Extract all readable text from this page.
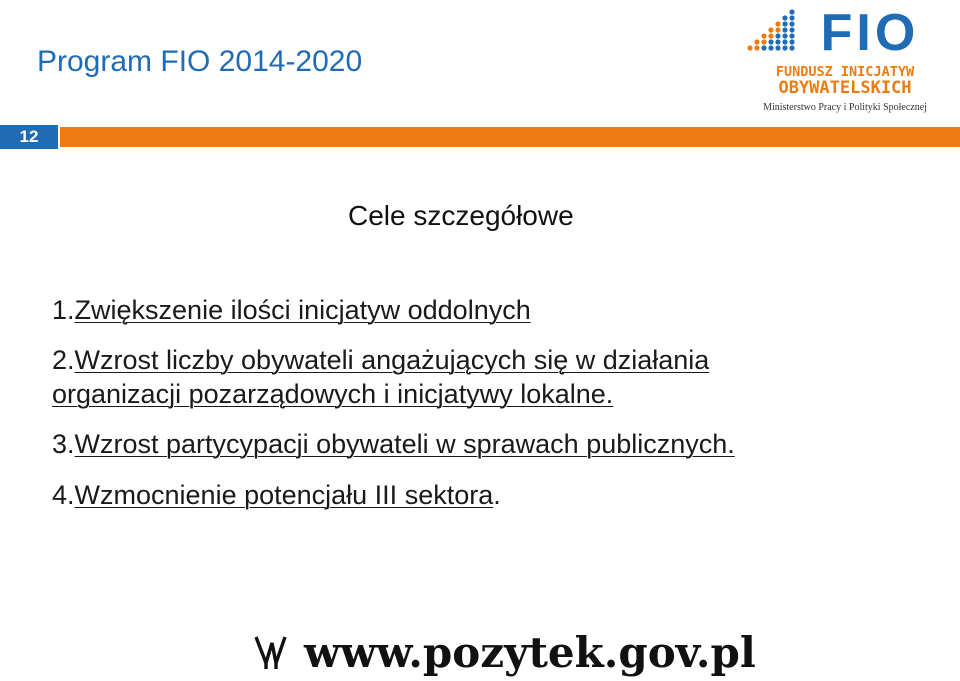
Program FIO 2014-2020	FIO
FUNDUSZ INICJATYW
OBYWATELSKICH
Ministerstwo Pracy i Polityki Społecznej
12
Cele szczegółowe
1.Zwiększenie ilości inicjatyw oddolnych
2.Wzrost liczby obywateli angażujących się w działania
organizacji pozarządowych i inicjatywy lokalne.
3.Wzrost partycypacji obywateli w sprawach publicznych.
4.Wzmocnienie potencjału III sektora.
www.pozytek.gov.pl
